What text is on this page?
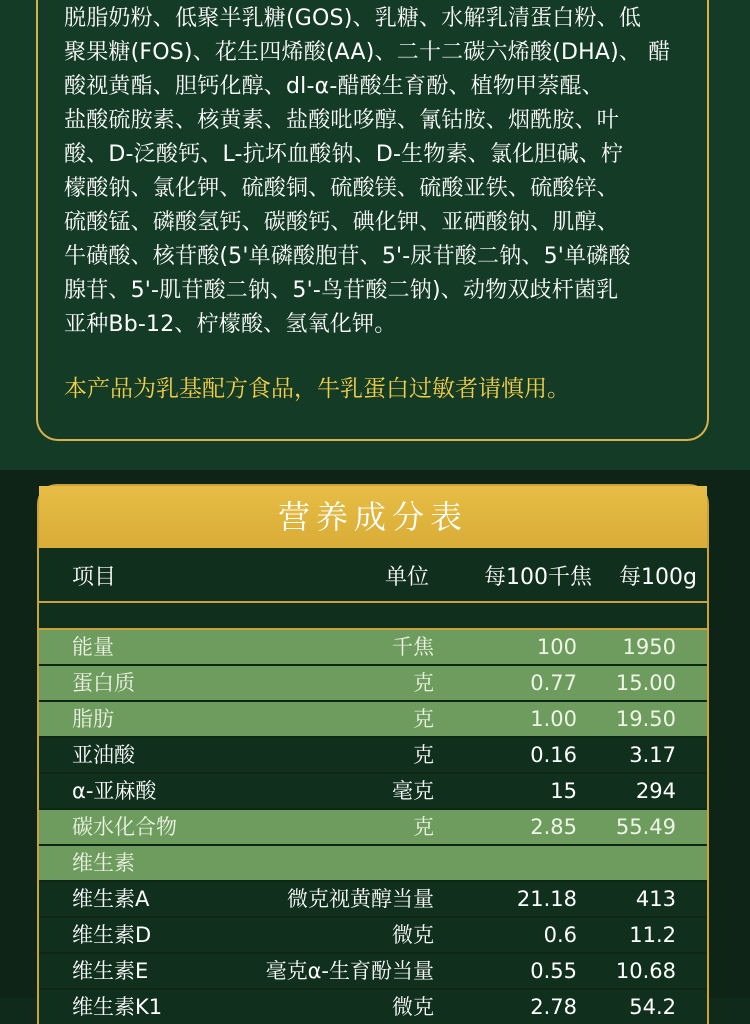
脱脂奶粉、低聚半乳糖(GOS)、乳糖、水解乳清蛋白粉、低
聚果糖(FOS)、花生四烯酸(AA)、二十二碳六烯酸(DHA)、 醋
酸视黄酯、胆钙化醇、dl-α-醋酸生育酚、植物甲萘醌、
盐酸硫胺素、核黄素、盐酸吡哆醇、氰钴胺、烟酰胺、叶
酸、D-泛酸钙、L-抗坏血酸钠、D-生物素、氯化胆碱、柠
檬酸钠、氯化钾、硫酸铜、硫酸镁、硫酸亚铁、硫酸锌、
硫酸锰、磷酸氢钙、碳酸钙、碘化钾、亚硒酸钠、肌醇、
牛磺酸、核苷酸(5'单磷酸胞苷、5'-尿苷酸二钠、5'单磷酸
腺苷、5'-肌苷酸二钠、5'-鸟苷酸二钠)、动物双歧杆菌乳
亚种Bb-12、柠檬酸、氢氧化钾。
本产品为乳基配方食品，牛乳蛋白过敏者请慎用。
营养成分表
项目	单位 每100千焦 每100g
能量	千焦	100 1950
蛋白质	克	0.77 15.00
脂肪	克	1.00 19.50
亚油酸	克	0.16 3.17
α-亚麻酸	毫克	15	294
碳水化合物	克	2.85 55.49
维生素
维生素A	微克视黄醇当量	21.18	413
维生素D	微克	0.6 11.2
维生素E	毫克α-生育酚当量	0.55 10.68
维生素K1	微克	2.78 54.2
